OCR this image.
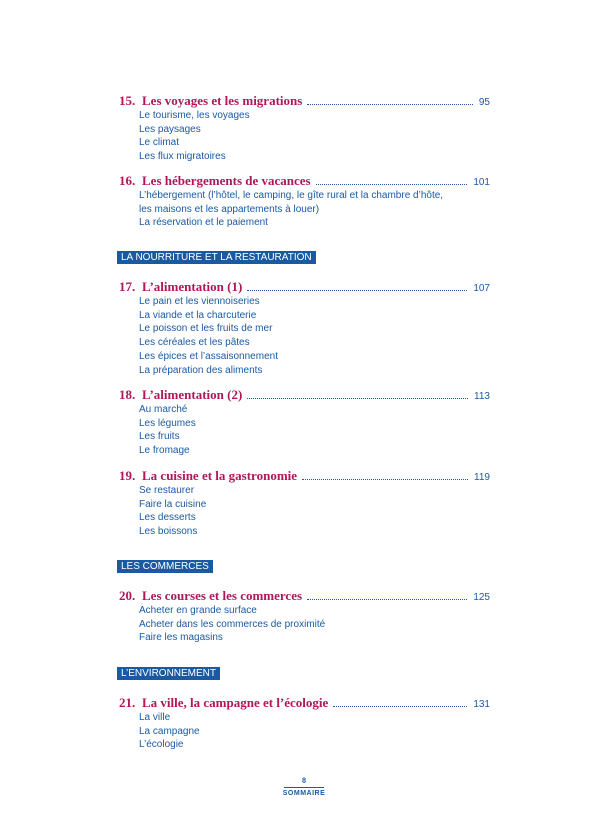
15. Les voyages et les migrations	95
Le tourisme, les voyages
Les paysages
Le climat
Les flux migratoires
16. Les hébergements de vacances	101
L’hébergement (l’hôtel, le camping, le gîte rural et la chambre d’hôte,
les maisons et les appartements à louer)
La réservation et le paiement
LA NOURRITURE ET LA RESTAURATION
17. L’alimentation (1)	107
Le pain et les viennoiseries
La viande et la charcuterie
Le poisson et les fruits de mer
Les céréales et les pâtes
Les épices et l’assaisonnement
La préparation des aliments
18. L’alimentation (2)	113
Au marché
Les légumes
Les fruits
Le fromage
19. La cuisine et la gastronomie	119
Se restaurer
Faire la cuisine
Les desserts
Les boissons
LES COMMERCES
20. Les courses et les commerces	125
Acheter en grande surface
Acheter dans les commerces de proximité
Faire les magasins
L’ENVIRONNEMENT
21. La ville, la campagne et l’écologie	131
La ville
La campagne
L’écologie
8
SOMMAIRE
